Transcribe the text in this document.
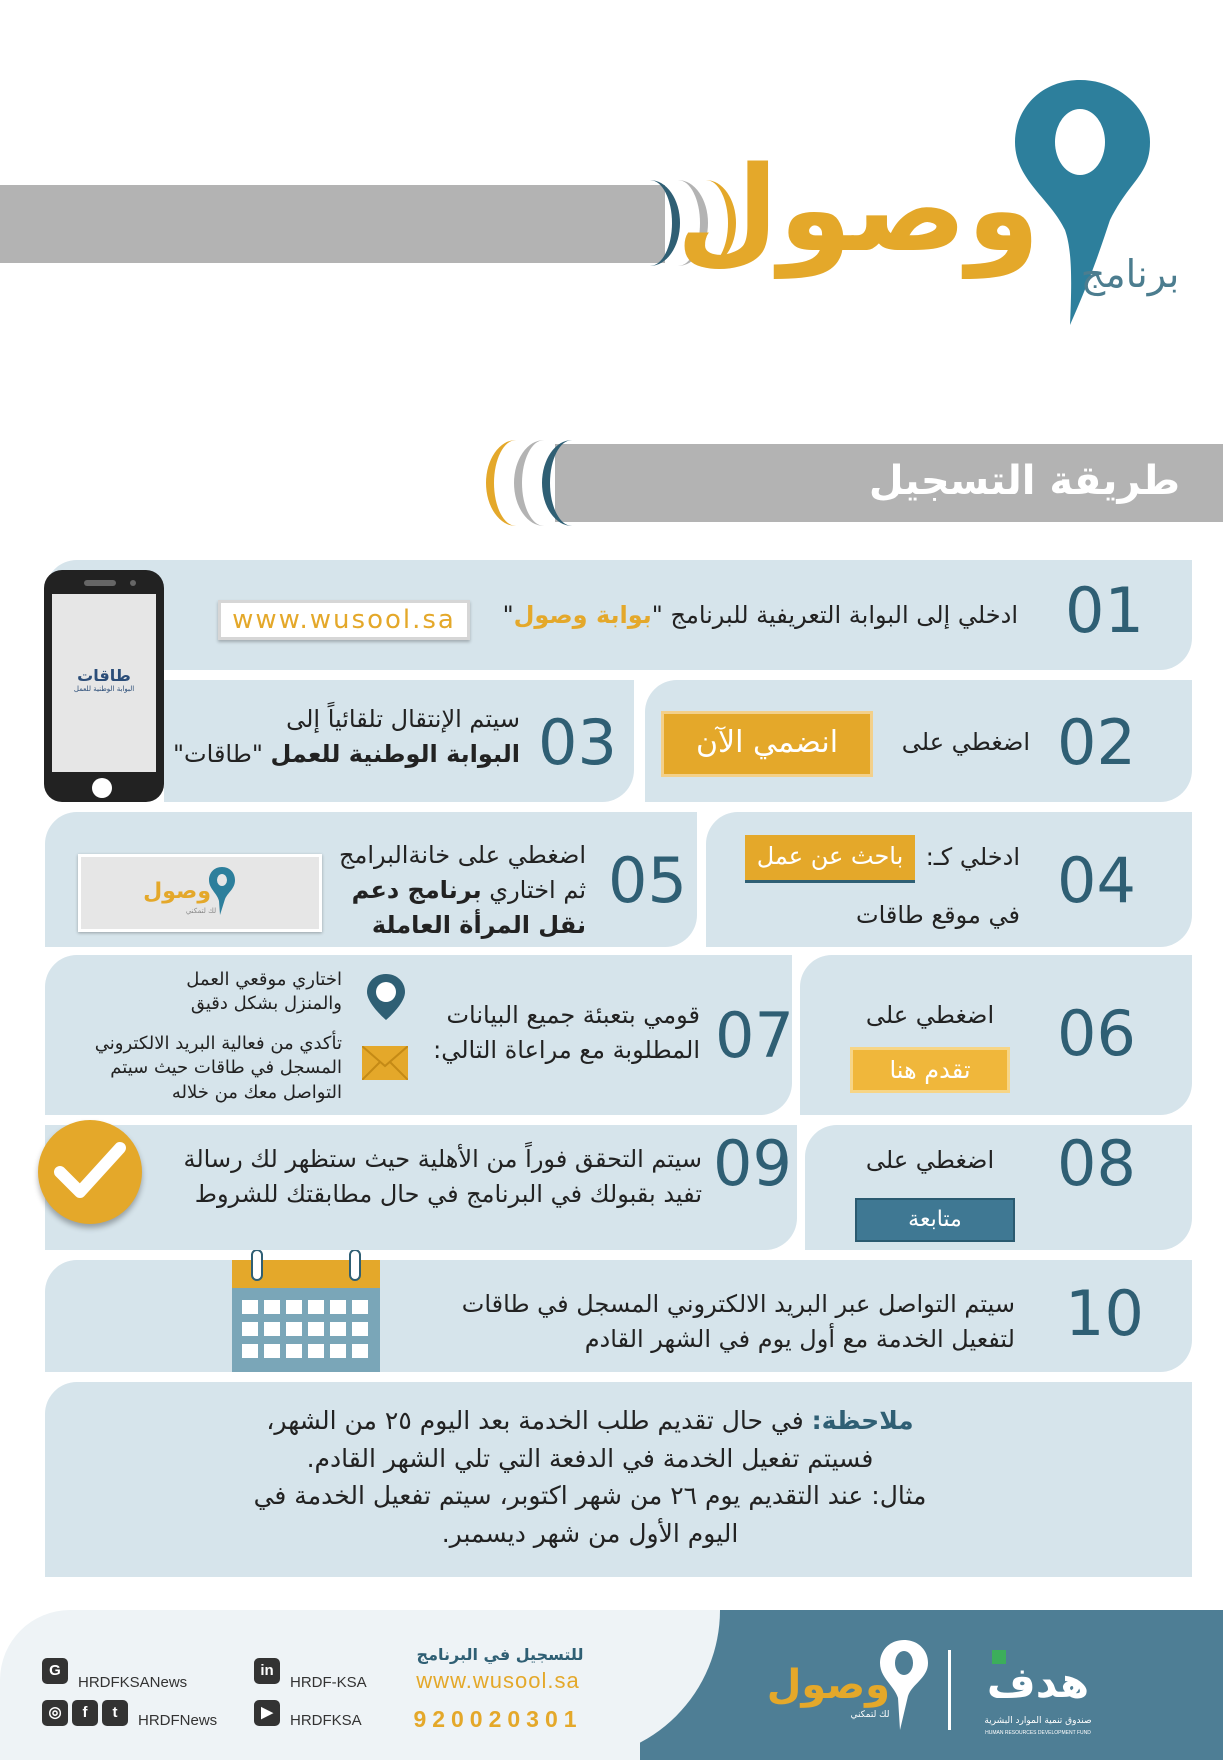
وصول برنامج
طريقة التسجيل
01
ادخلي إلى البوابة التعريفية للبرنامج "بوابة وصول"
www.wusool.sa
طاقات
البوابة الوطنية للعمل
02
اضغطي على
انضمي الآن
03
سيتم الإنتقال تلقائياً إلى
البوابة الوطنية للعمل "طاقات"
04
ادخلي كـ:
باحث عن عمل
في موقع طاقات
05
اضغطي على خانةالبرامج
ثم اختاري برنامج دعم
نقل المرأة العاملة
وصول
لك لتمكني
06
اضغطي على
تقدم هنا
07
قومي بتعبئة جميع البيانات
المطلوبة مع مراعاة التالي:
اختاري موقعي العمل
والمنزل بشكل دقيق
تأكدي من فعالية البريد الالكتروني
المسجل في طاقات حيث سيتم
التواصل معك من خلاله
08
اضغطي على
متابعة
09
سيتم التحقق فوراً من الأهلية حيث ستظهر لك رسالة
تفيد بقبولك في البرنامج في حال مطابقتك للشروط
10
سيتم التواصل عبر البريد الالكتروني المسجل في طاقات
لتفعيل الخدمة مع أول يوم في الشهر القادم
ملاحظة: في حال تقديم طلب الخدمة بعد اليوم ٢٥ من الشهر،
فسيتم تفعيل الخدمة في الدفعة التي تلي الشهر القادم.
مثال: عند التقديم يوم ٢٦ من شهر اكتوبر، سيتم تفعيل الخدمة في
اليوم الأول من شهر ديسمبر.
للتسجيل في البرنامج
www.wusool.sa
920020301
G
HRDFKSANews
in
HRDF-KSA
◎	f	t	HRDFNews	▶	HRDFKSA
وصول
لك لتمكني
هدف
صندوق تنمية الموارد البشرية
HUMAN RESOURCES DEVELOPMENT FUND
